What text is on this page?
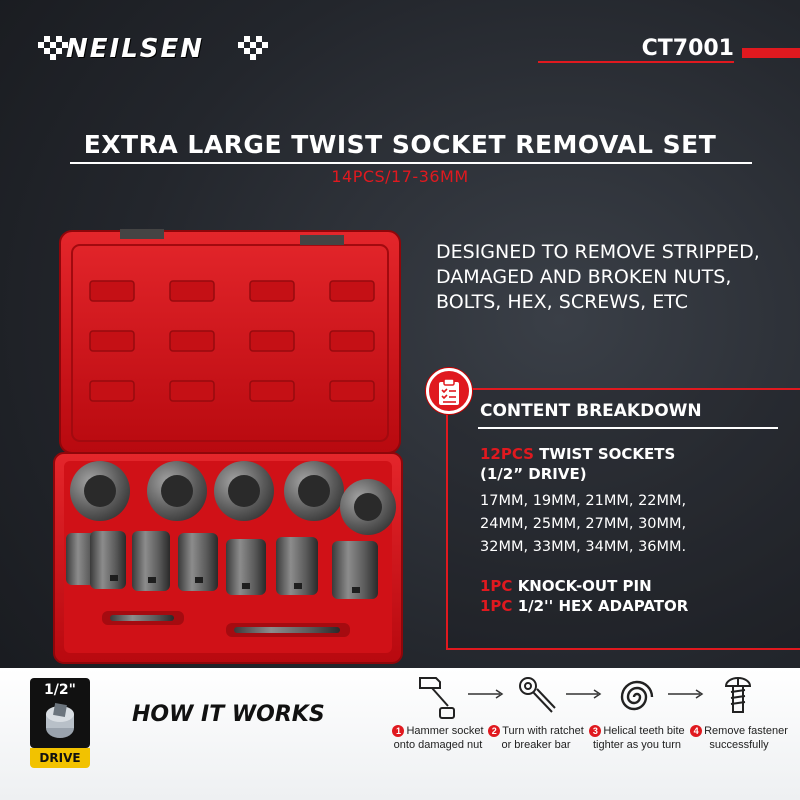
NEILSEN	CT7001
EXTRA LARGE TWIST SOCKET REMOVAL SET
14PCS/17-36MM
DESIGNED TO REMOVE STRIPPED, DAMAGED AND BROKEN NUTS, BOLTS, HEX, SCREWS, ETC
CONTENT BREAKDOWN
12PCS TWIST SOCKETS
(1/2” DRIVE)
17MM, 19MM, 21MM, 22MM,
24MM, 25MM, 27MM, 30MM,
32MM, 33MM, 34MM, 36MM.
1PC KNOCK-OUT PIN
1PC 1/2'' HEX ADAPATOR
1/2"
DRIVE
HOW IT WORKS
1 Hammer socket
onto damaged nut
2 Turn with ratchet
or breaker bar
3 Helical teeth bite
tighter as you turn
4 Remove fastener
successfully
